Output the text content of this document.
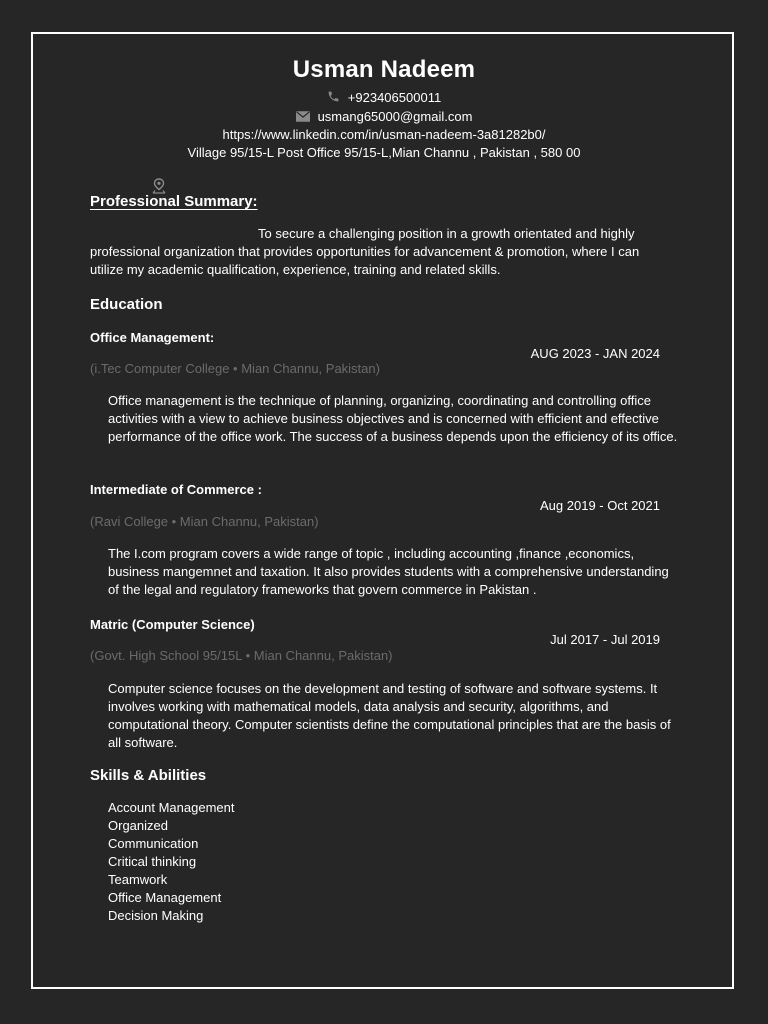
Usman Nadeem
+923406500011
usmang65000@gmail.com
https://www.linkedin.com/in/usman-nadeem-3a81282b0/
Village 95/15-L Post Office 95/15-L,Mian Channu , Pakistan , 580 00
Professional Summary:
To secure a challenging position in a growth orientated and highly professional organization that provides opportunities for advancement & promotion, where I can utilize my academic qualification, experience, training and related skills.
Education
Office Management:
AUG 2023 - JAN 2024
(i.Tec Computer College • Mian Channu, Pakistan)
Office management is the technique of planning, organizing, coordinating and controlling office activities with a view to achieve business objectives and is concerned with efficient and effective performance of the office work. The success of a business depends upon the efficiency of its office.
Intermediate of Commerce :
Aug 2019 - Oct 2021
(Ravi College • Mian Channu, Pakistan)
The I.com program covers a wide range of topic , including accounting ,finance ,economics, business mangemnet and taxation. It also provides students with a comprehensive understanding of the legal and regulatory frameworks that govern commerce in Pakistan .
Matric (Computer Science)
Jul 2017 - Jul 2019
(Govt. High School 95/15L • Mian Channu, Pakistan)
Computer science focuses on the development and testing of software and software systems. It involves working with mathematical models, data analysis and security, algorithms, and computational theory. Computer scientists define the computational principles that are the basis of all software.
Skills & Abilities
Account Management
Organized
Communication
Critical thinking
Teamwork
Office Management
Decision Making
